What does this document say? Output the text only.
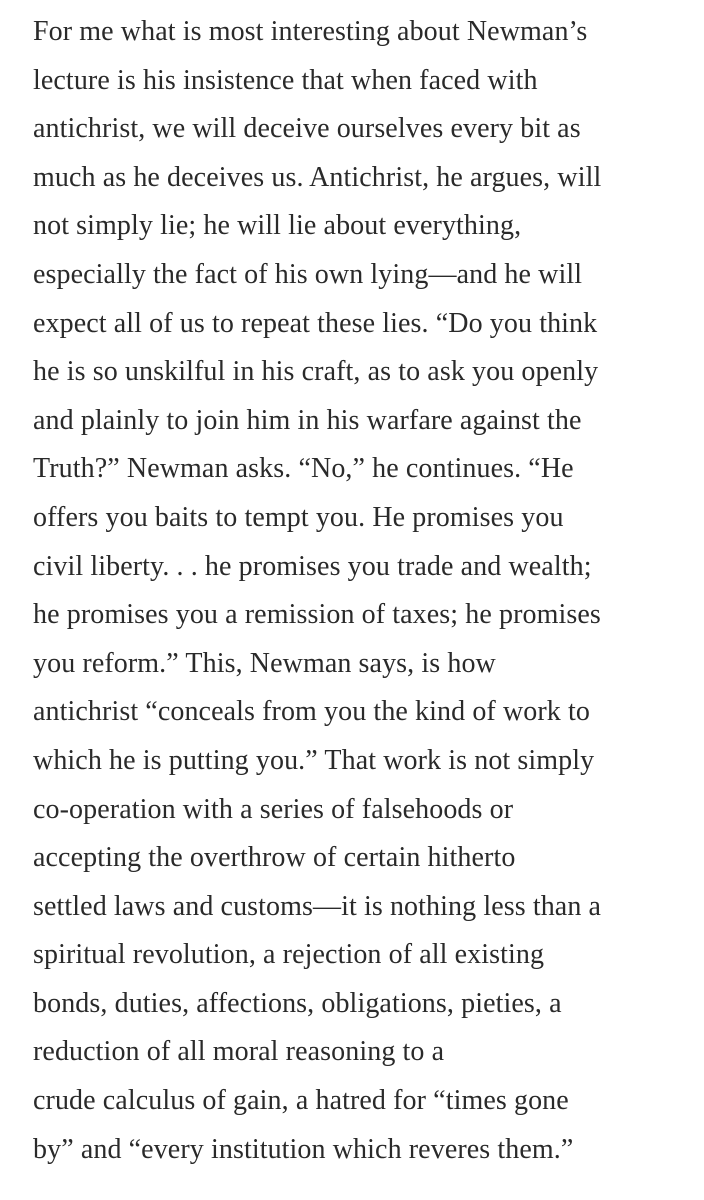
For me what is most interesting about Newman’s
lecture is his insistence that when faced with
antichrist, we will deceive ourselves every bit as
much as he deceives us. Antichrist, he argues, will
not simply lie; he will lie about everything,
especially the fact of his own lying—and he will
expect all of us to repeat these lies. “Do you think
he is so unskilful in his craft, as to ask you openly
and plainly to join him in his warfare against the
Truth?” Newman asks. “No,” he continues. “He
offers you baits to tempt you. He promises you
civil liberty. . . he promises you trade and wealth;
he promises you a remission of taxes; he promises
you reform.” This, Newman says, is how
antichrist “conceals from you the kind of work to
which he is putting you.” That work is not simply
co-operation with a series of falsehoods or
accepting the overthrow of certain hitherto
settled laws and customs—it is nothing less than a
spiritual revolution, a rejection of all existing
bonds, duties, affections, obligations, pieties, a
reduction of all moral reasoning to a
crude calculus of gain, a hatred for “times gone
by” and “every institution which reveres them.”
